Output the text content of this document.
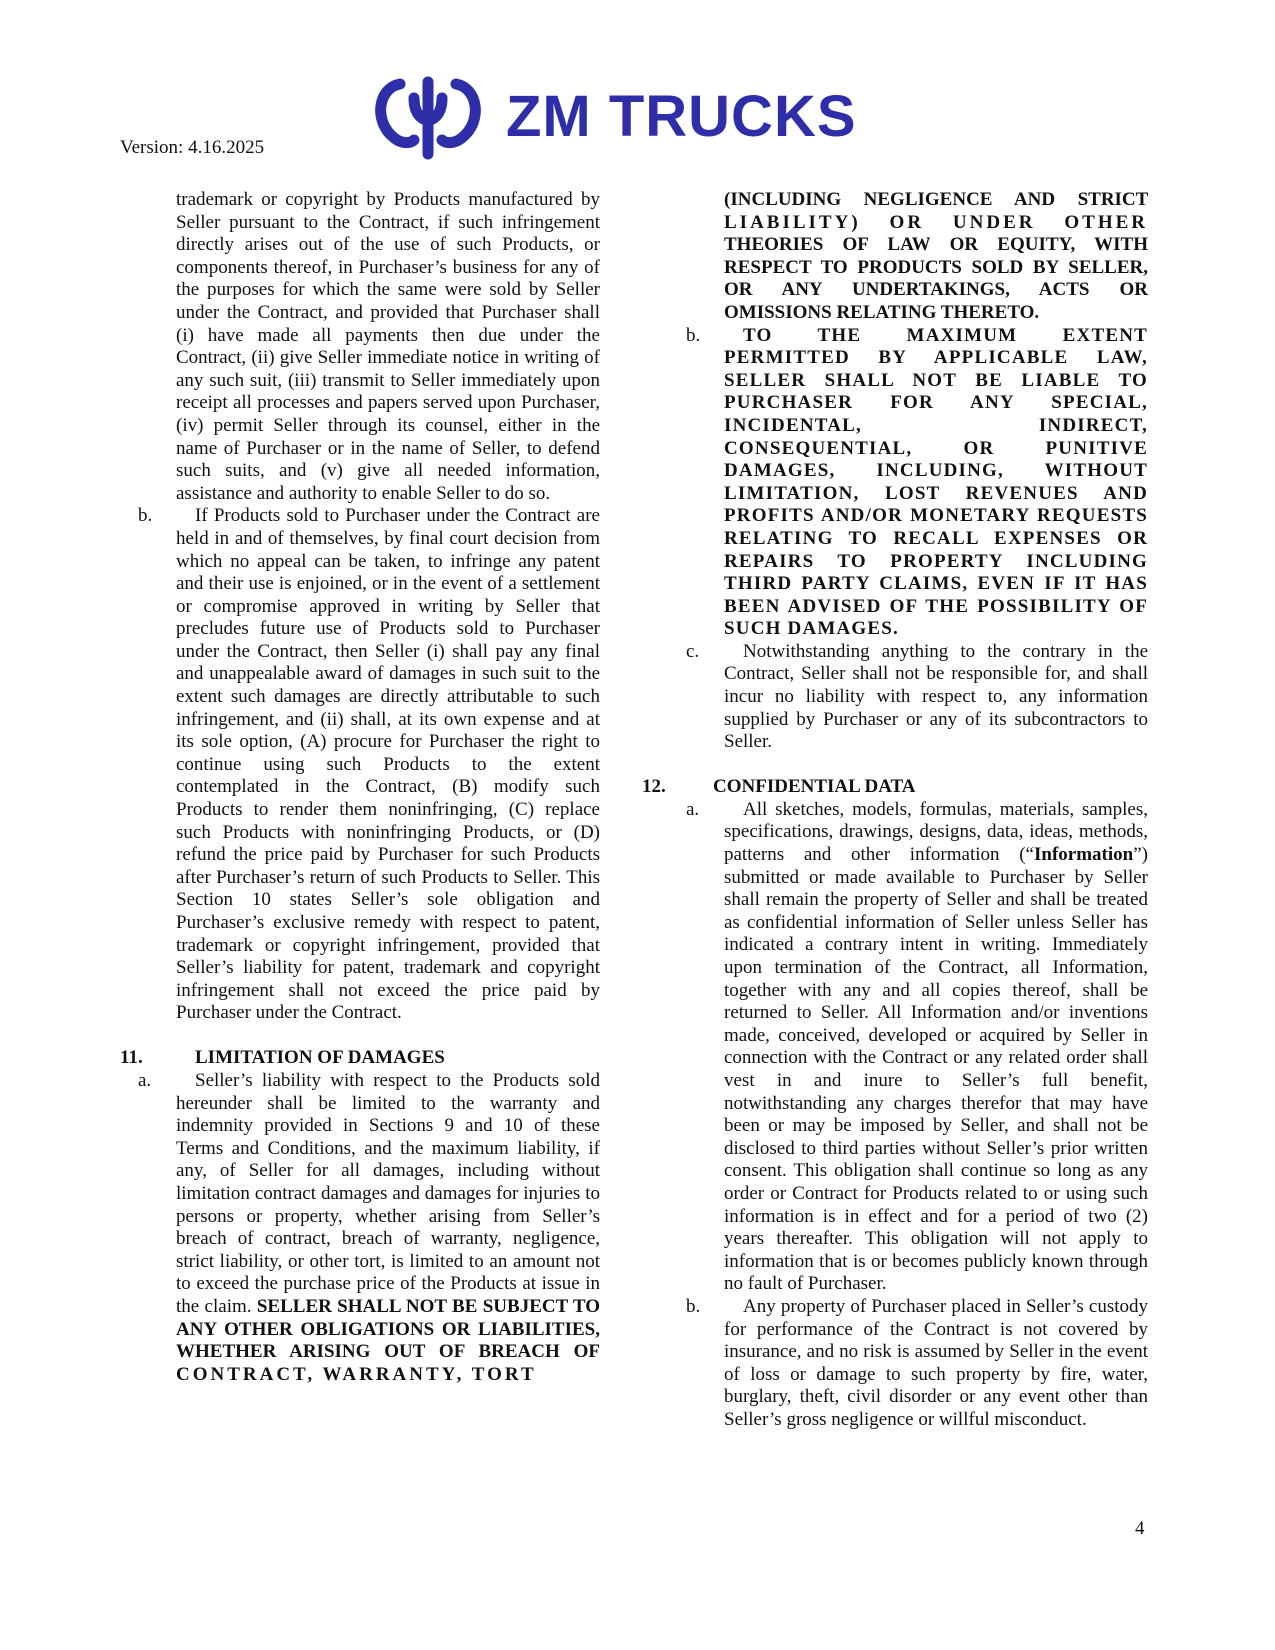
Version: 4.16.2025	ZM TRUCKS

trademark or copyright by Products manufactured by Seller pursuant to the Contract, if such infringement directly arises out of the use of such Products, or components thereof, in Purchaser’s business for any of the purposes for which the same were sold by Seller under the Contract, and provided that Purchaser shall (i) have made all payments then due under the Contract, (ii) give Seller immediate notice in writing of any such suit, (iii) transmit to Seller immediately upon receipt all processes and papers served upon Purchaser, (iv) permit Seller through its counsel, either in the name of Purchaser or in the name of Seller, to defend such suits, and (v) give all needed information, assistance and authority to enable Seller to do so.

b. If Products sold to Purchaser under the Contract are held in and of themselves, by final court decision from which no appeal can be taken, to infringe any patent and their use is enjoined, or in the event of a settlement or compromise approved in writing by Seller that precludes future use of Products sold to Purchaser under the Contract, then Seller (i) shall pay any final and unappealable award of damages in such suit to the extent such damages are directly attributable to such infringement, and (ii) shall, at its own expense and at its sole option, (A) procure for Purchaser the right to continue using such Products to the extent contemplated in the Contract, (B) modify such Products to render them noninfringing, (C) replace such Products with noninfringing Products, or (D) refund the price paid by Purchaser for such Products after Purchaser’s return of such Products to Seller. This Section 10 states Seller’s sole obligation and Purchaser’s exclusive remedy with respect to patent, trademark or copyright infringement, provided that Seller’s liability for patent, trademark and copyright infringement shall not exceed the price paid by Purchaser under the Contract.
11.	LIMITATION OF DAMAGES
a. Seller’s liability with respect to the Products sold hereunder shall be limited to the warranty and indemnity provided in Sections 9 and 10 of these Terms and Conditions, and the maximum liability, if any, of Seller for all damages, including without limitation contract damages and damages for injuries to persons or property, whether arising from Seller’s breach of contract, breach of warranty, negligence, strict liability, or other tort, is limited to an amount not to exceed the purchase price of the Products at issue in the claim. SELLER SHALL NOT BE SUBJECT TO ANY OTHER OBLIGATIONS OR LIABILITIES, WHETHER ARISING OUT OF BREACH OF CONTRACT, WARRANTY, TORT

(INCLUDING NEGLIGENCE AND STRICT LIABILITY) OR UNDER OTHER THEORIES OF LAW OR EQUITY, WITH RESPECT TO PRODUCTS SOLD BY SELLER, OR ANY UNDERTAKINGS, ACTS OR OMISSIONS RELATING THERETO.

b. TO THE MAXIMUM EXTENT PERMITTED BY APPLICABLE LAW, SELLER SHALL NOT BE LIABLE TO PURCHASER FOR ANY SPECIAL, INCIDENTAL, INDIRECT, CONSEQUENTIAL, OR PUNITIVE DAMAGES, INCLUDING, WITHOUT LIMITATION, LOST REVENUES AND PROFITS AND/OR MONETARY REQUESTS RELATING TO RECALL EXPENSES OR REPAIRS TO PROPERTY INCLUDING THIRD PARTY CLAIMS, EVEN IF IT HAS BEEN ADVISED OF THE POSSIBILITY OF SUCH DAMAGES.
c. Notwithstanding anything to the contrary in the Contract, Seller shall not be responsible for, and shall incur no liability with respect to, any information supplied by Purchaser or any of its subcontractors to Seller.
12. CONFIDENTIAL DATA
a. All sketches, models, formulas, materials, samples, specifications, drawings, designs, data, ideas, methods, patterns and other information (“Information”) submitted or made available to Purchaser by Seller shall remain the property of Seller and shall be treated as confidential information of Seller unless Seller has indicated a contrary intent in writing. Immediately upon termination of the Contract, all Information, together with any and all copies thereof, shall be returned to Seller. All Information and/or inventions made, conceived, developed or acquired by Seller in connection with the Contract or any related order shall vest in and inure to Seller’s full benefit, notwithstanding any charges therefor that may have been or may be imposed by Seller, and shall not be disclosed to third parties without Seller’s prior written consent. This obligation shall continue so long as any order or Contract for Products related to or using such information is in effect and for a period of two (2) years thereafter. This obligation will not apply to information that is or becomes publicly known through no fault of Purchaser.
b. Any property of Purchaser placed in Seller’s custody for performance of the Contract is not covered by insurance, and no risk is assumed by Seller in the event of loss or damage to such property by fire, water, burglary, theft, civil disorder or any event other than Seller’s gross negligence or willful misconduct.
4
